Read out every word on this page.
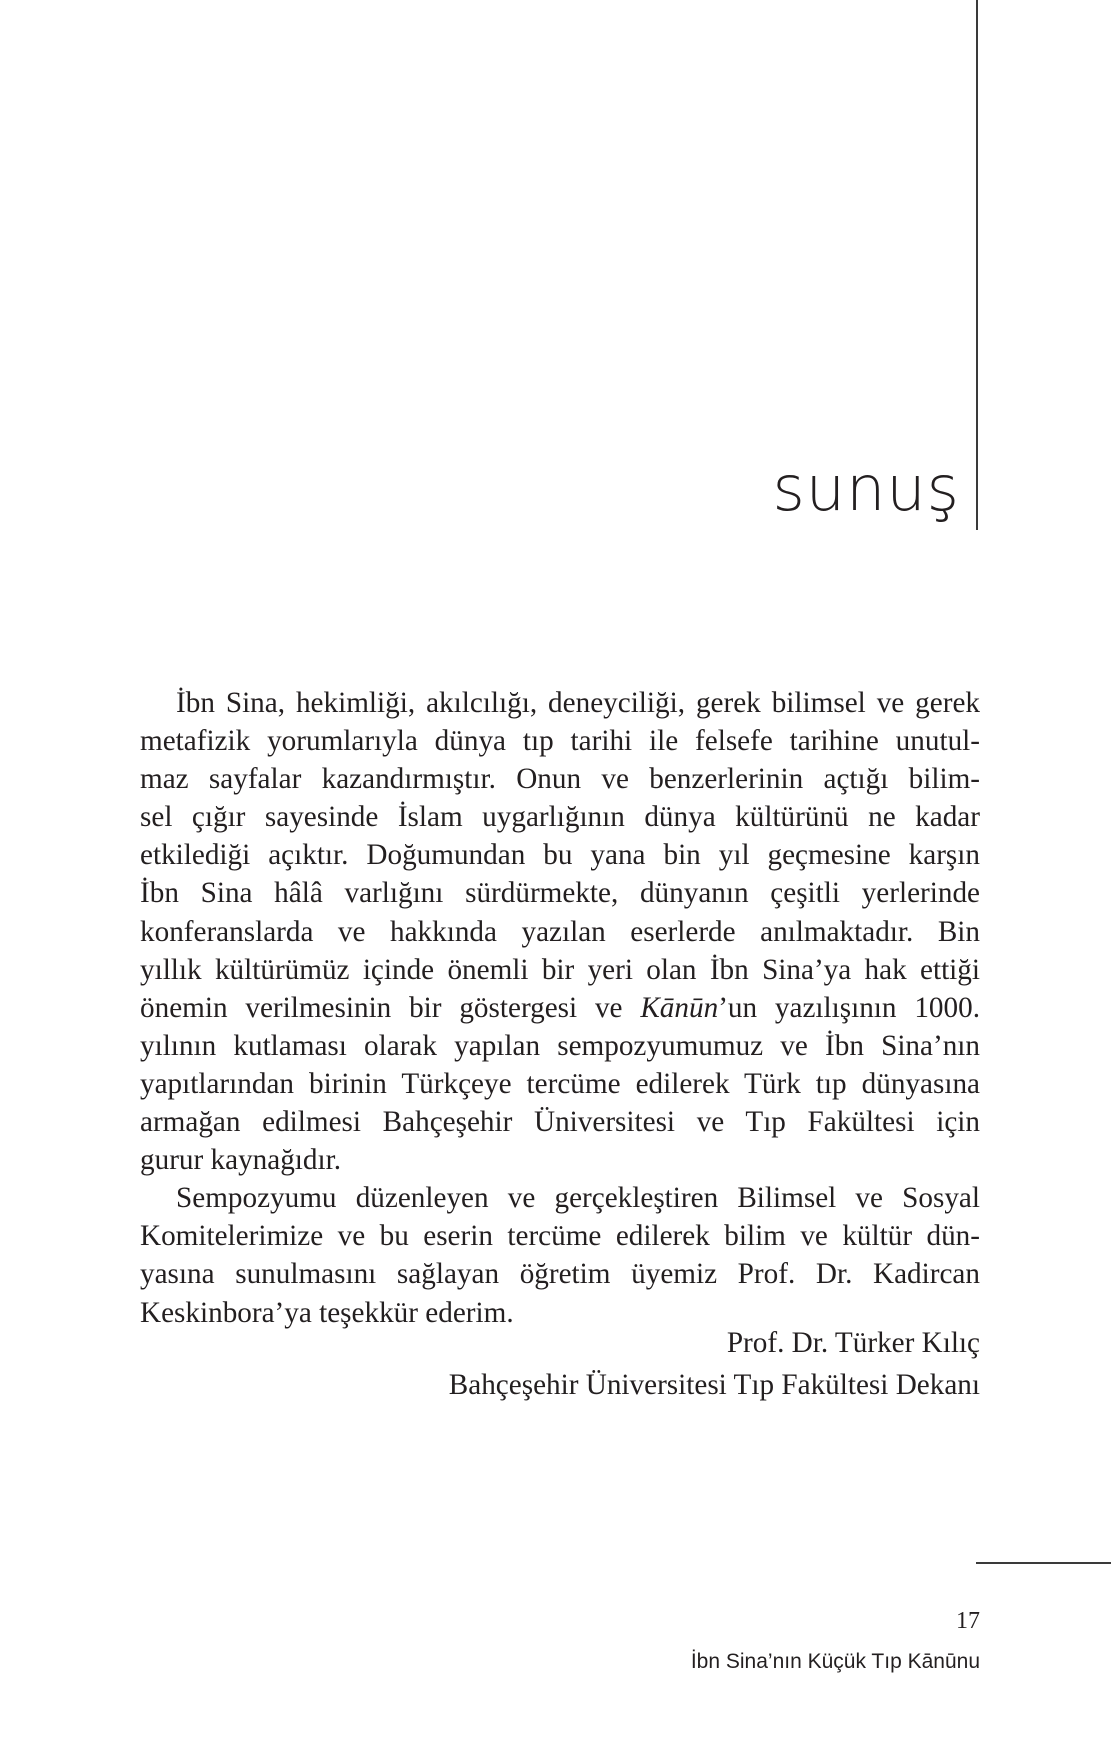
sunuş
İbn Sina, hekimliği, akılcılığı, deneyciliği, gerek bilimsel ve gerek
metafizik yorumlarıyla dünya tıp tarihi ile felsefe tarihine unutul-
maz sayfalar kazandırmıştır. Onun ve benzerlerinin açtığı bilim-
sel çığır sayesinde İslam uygarlığının dünya kültürünü ne kadar
etkilediği açıktır. Doğumundan bu yana bin yıl geçmesine karşın
İbn Sina hâlâ varlığını sürdürmekte, dünyanın çeşitli yerlerinde
konferanslarda ve hakkında yazılan eserlerde anılmaktadır. Bin
yıllık kültürümüz içinde önemli bir yeri olan İbn Sina’ya hak ettiği
önemin verilmesinin bir göstergesi ve Kānūn’un yazılışının 1000.
yılının kutlaması olarak yapılan sempozyumumuz ve İbn Sina’nın
yapıtlarından birinin Türkçeye tercüme edilerek Türk tıp dünyasına
armağan edilmesi Bahçeşehir Üniversitesi ve Tıp Fakültesi için
gurur kaynağıdır.
Sempozyumu düzenleyen ve gerçekleştiren Bilimsel ve Sosyal
Komitelerimize ve bu eserin tercüme edilerek bilim ve kültür dün-
yasına sunulmasını sağlayan öğretim üyemiz Prof. Dr. Kadircan
Keskinbora’ya teşekkür ederim.
Prof. Dr. Türker Kılıç
Bahçeşehir Üniversitesi Tıp Fakültesi Dekanı
17
İbn Sina’nın Küçük Tıp Kānūnu
